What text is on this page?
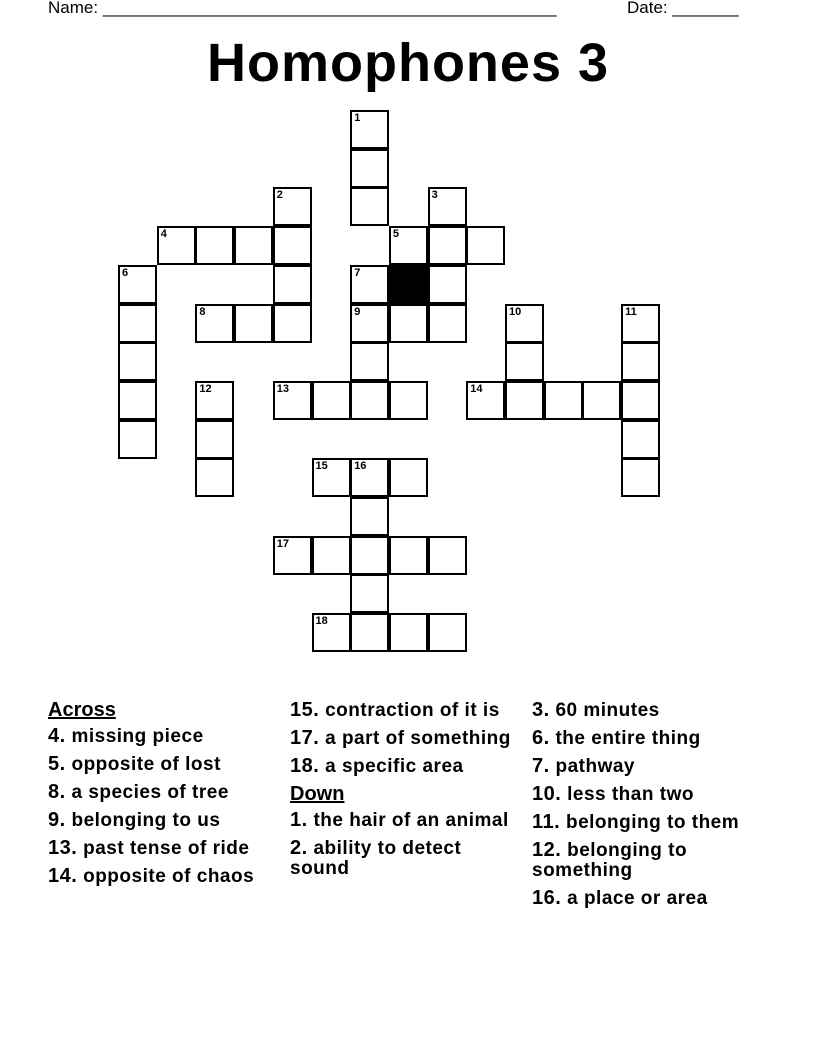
Name: ________________________________________________	Date: _______
Homophones 3
1
2	3
4	5
6	7
8	9	10	11
12	13	14
15 16
17
18
Across
4. missing piece
5. opposite of lost
8. a species of tree
9. belonging to us
13. past tense of ride
14. opposite of chaos
15. contraction of it is
17. a part of something
18. a specific area
Down
1. the hair of an animal
2. ability to detect sound
3. 60 minutes
6. the entire thing
7. pathway
10. less than two
11. belonging to them
12. belonging to something
16. a place or area
